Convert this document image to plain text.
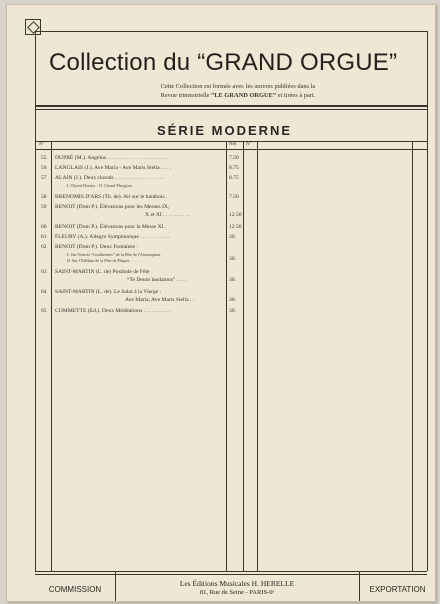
Collection du “GRAND ORGUE”
Cette Collection est formée avec les œuvres publiées dans la
Revue trimestrielle “LE GRAND ORGUE” et tirées à part.
SÉRIE MODERNE
N°	Net N°
55 DUPRÉ (M.). Angélus . . . . . . . . . . . . . . . . . . . . . .	7.50
56 LANGLAIS (J.). Ave Maria - Ave Maris Stella . . . .	8.75
57 ALAIN (J.). Deux chorals . . . . . . . . . . . . . . . . . .	8.75
I. Choral Dorien. - II. Choral Phrygien.
58 BRENOMIS D'ARS (Th. de). Air sur le hautbois .	7.50
59 BENOIT (Dom P.). Élévations pour les Messes IX,
X et XI . . . . . . . . . .	12.50
60 BENOIT (Dom P.). Élévations pour la Messe XI .	12.50
61 FLEURY (A.). Allegro Symphonique . . . . . . . . . . .	30.
62 BENOIT (Dom P.). Deux Fontaines :
I. Sur l'Introit “Confluentes” de la Fête de l'Assomption.
II. Sur l'Alléluia de la Fête de Pâques . . . . .	30.
63 SAINT-MARTIN (L. de) Postlude de Fête
“Te Deum laudamus” . . . .	30.
64 SAINT-MARTIN (L. de). Le Salut à la Vierge :
Ave Maria, Ave Maris Stella . .	30.
65 COMMETTE (Ed.). Deux Méditations . . . . . . . . . .	30.
COMMISSION
Les Éditions Musicales H. HERELLE
81, Rue de Seine - PARIS-6ᵉ	EXPORTATION
